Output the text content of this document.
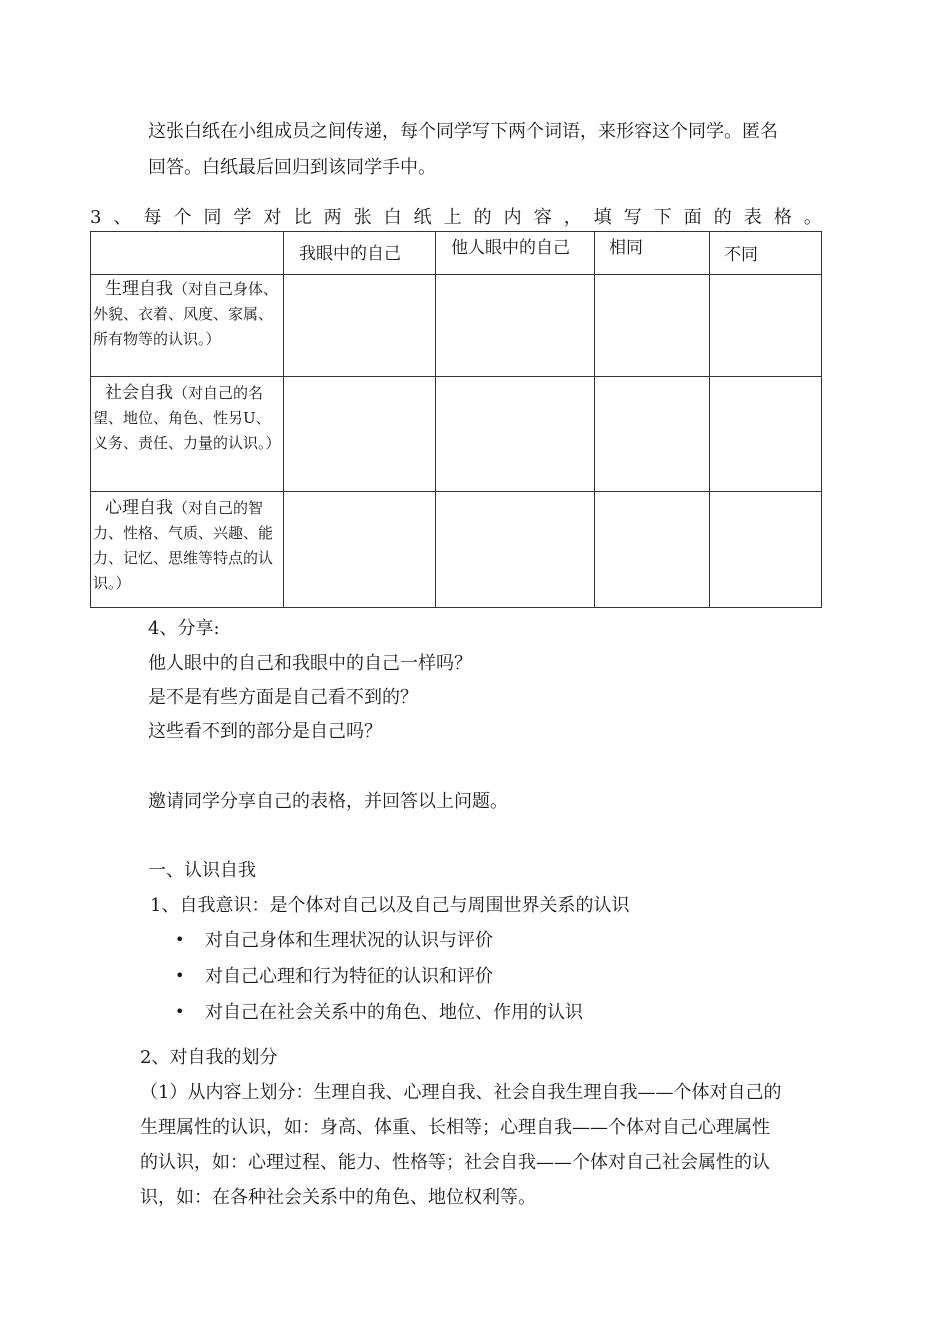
这张白纸在小组成员之间传递，每个同学写下两个词语，来形容这个同学。匿名
回答。白纸最后回归到该同学手中。
3 、 每 个 同 学 对 比 两 张 白 纸 上 的 内 容 ， 填 写 下 面 的 表 格 。

	我眼中的自己	他人眼中的自己	相同	不同

生理自我（对自己身体、外貌、衣着、风度、家属、所有物等的认识。）				

社会自我（对自己的名望、地位、角色、性另U、义务、责任、力量的认识。）				

心理自我（对自己的智力、性格、气质、兴趣、能力、记忆、思维等特点的认识。）				

4、分享:
他人眼中的自己和我眼中的自己一样吗？
是不是有些方面是自己看不到的？
这些看不到的部分是自己吗？
邀请同学分享自己的表格，并回答以上问题。
一、认识自我
1、自我意识：是个体对自己以及自己与周围世界关系的认识
• 对自己身体和生理状况的认识与评价
• 对自己心理和行为特征的认识和评价
• 对自己在社会关系中的角色、地位、作用的认识
2、对自我的划分
（1）从内容上划分：生理自我、心理自我、社会自我生理自我——个体对自己的
生理属性的认识，如：身高、体重、长相等；心理自我——个体对自己心理属性
的认识，如：心理过程、能力、性格等；社会自我——个体对自己社会属性的认
识，如：在各种社会关系中的角色、地位权利等。
